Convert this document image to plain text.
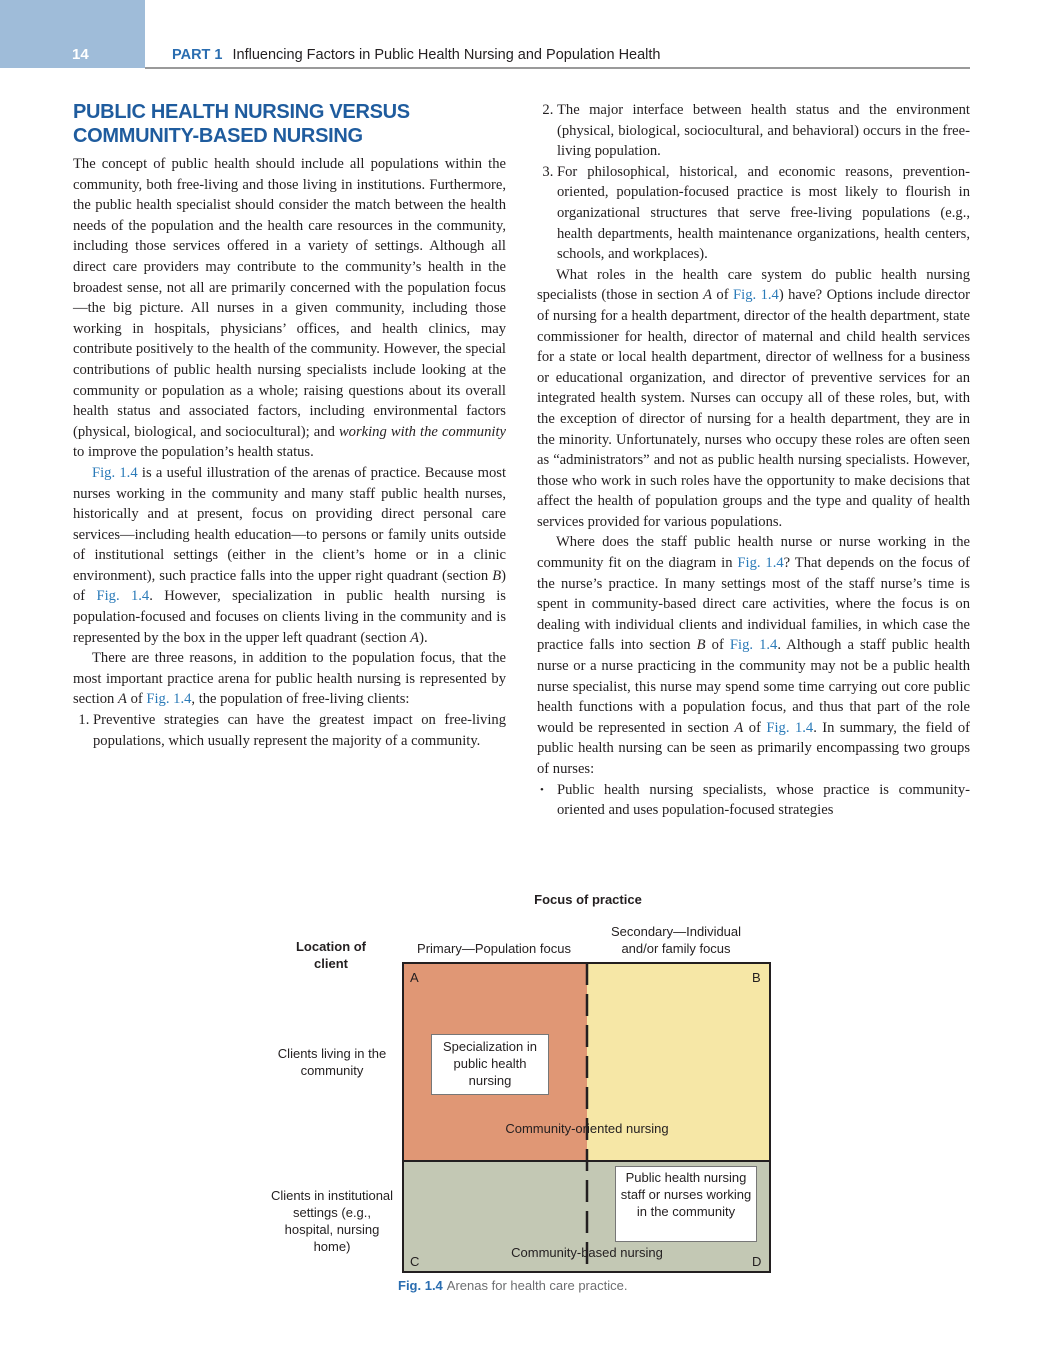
14	PART 1 Influencing Factors in Public Health Nursing and Population Health
PUBLIC HEALTH NURSING VERSUS
COMMUNITY-BASED NURSING

The concept of public health should include all populations within the community, both free-living and those living in institutions. Furthermore, the public health specialist should consider the match between the health needs of the population and the health care resources in the community, including those services offered in a variety of settings. Although all direct care providers may contribute to the community’s health in the broadest sense, not all are primarily concerned with the population focus—the big picture. All nurses in a given community, including those working in hospitals, physicians’ offices, and health clinics, may contribute positively to the health of the community. However, the special contributions of public health nursing specialists include looking at the community or population as a whole; raising questions about its overall health status and associated factors, including environmental factors (physical, biological, and sociocultural); and working with the community to improve the population’s health status.

Fig. 1.4 is a useful illustration of the arenas of practice. Because most nurses working in the community and many staff public health nurses, historically and at present, focus on providing direct personal care services—including health education—to persons or family units outside of institutional settings (either in the client’s home or in a clinic environment), such practice falls into the upper right quadrant (section B) of Fig. 1.4. However, specialization in public health nursing is population-focused and focuses on clients living in the community and is represented by the box in the upper left quadrant (section A).

There are three reasons, in addition to the population focus, that the most important practice arena for public health nursing is represented by section A of Fig. 1.4, the population of free-living clients:

1. Preventive strategies can have the greatest impact on free-living populations, which usually represent the majority of a community.
2. The major interface between health status and the environment (physical, biological, sociocultural, and behavioral) occurs in the free-living population.
3. For philosophical, historical, and economic reasons, prevention-oriented, population-focused practice is most likely to flourish in organizational structures that serve free-living populations (e.g., health departments, health maintenance organizations, health centers, schools, and workplaces).

What roles in the health care system do public health nursing specialists (those in section A of Fig. 1.4) have? Options include director of nursing for a health department, director of the health department, state commissioner for health, director of maternal and child health services for a state or local health department, director of wellness for a business or educational organization, and director of preventive services for an integrated health system. Nurses can occupy all of these roles, but, with the exception of director of nursing for a health department, they are in the minority. Unfortunately, nurses who occupy these roles are often seen as “administrators” and not as public health nursing specialists. However, those who work in such roles have the opportunity to make decisions that affect the health of population groups and the type and quality of health services provided for various populations.

Where does the staff public health nurse or nurse working in the community fit on the diagram in Fig. 1.4? That depends on the focus of the nurse’s practice. In many settings most of the staff nurse’s time is spent in community-based direct care activities, where the focus is on dealing with individual clients and individual families, in which case the practice falls into section B of Fig. 1.4. Although a staff public health nurse or a nurse practicing in the community may not be a public health nurse specialist, this nurse may spend some time carrying out core public health functions with a population focus, and thus that part of the role would be represented in section A of Fig. 1.4. In summary, the field of public health nursing can be seen as primarily encompassing two groups of nurses:

• Public health nursing specialists, whose practice is community-oriented and uses population-focused strategies
Focus of practice
Location of client
Primary—Population focus
Secondary—Individual and/or family focus
Clients living in the community
Clients in institutional settings (e.g., hospital, nursing home)
A	B
C	D
Specialization in public health nursing
Community-oriented nursing
Public health nursing staff or nurses working in the community
Community-based nursing
Fig. 1.4 Arenas for health care practice.
